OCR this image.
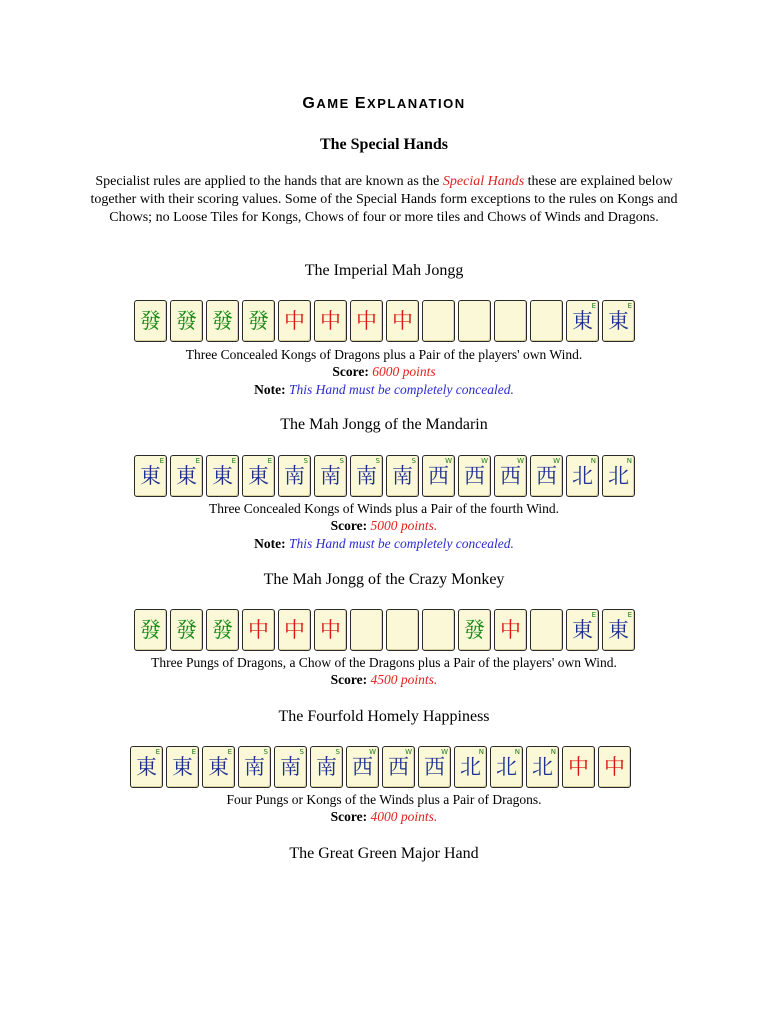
GAME EXPLANATION
The Special Hands
Specialist rules are applied to the hands that are known as the Special Hands these are explained below together with their scoring values. Some of the Special Hands form exceptions to the rules on Kongs and Chows; no Loose Tiles for Kongs, Chows of four or more tiles and Chows of Winds and Dragons.
The Imperial Mah Jongg
發 發 發 發 中 中 中 中	東
E
東
E
Three Concealed Kongs of Dragons plus a Pair of the players' own Wind.
Score: 6000 points
Note: This Hand must be completely concealed.
The Mah Jongg of the Mandarin
東
E
東
E
東
E
東
E
南
S
南
S
南
S
南
S
西
W
西
W
西
W
西
W
北
N
北
N
Three Concealed Kongs of Winds plus a Pair of the fourth Wind.
Score: 5000 points.
Note: This Hand must be completely concealed.
The Mah Jongg of the Crazy Monkey
發 發 發 中 中 中	發 中 東
E
東
E
Three Pungs of Dragons, a Chow of the Dragons plus a Pair of the players' own Wind.
Score: 4500 points.
The Fourfold Homely Happiness
東
E
東
E
東
E
南
S
南
S
南
S
西
W
西
W
西
W
北
N
北
N
北
N
中 中
Four Pungs or Kongs of the Winds plus a Pair of Dragons.
Score: 4000 points.
The Great Green Major Hand
